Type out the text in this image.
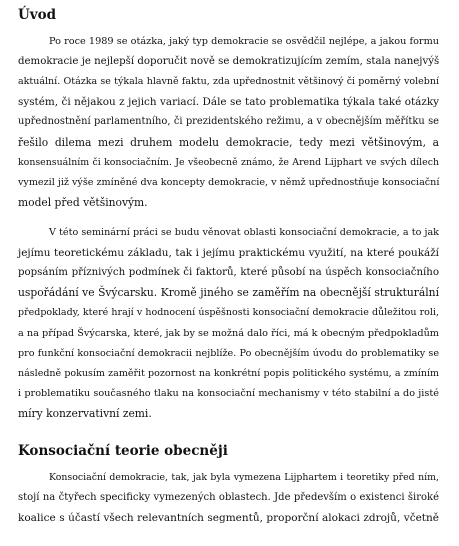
Úvod
Po roce 1989 se otázka, jaký typ demokracie se osvědčil nejlépe, a jakou formu
demokracie je nejlepší doporučit nově se demokratizujícím zemím, stala nanejvýš
aktuální. Otázka se týkala hlavně faktu, zda upřednostnit většinový či poměrný volební
systém, či nějakou z jejich variací. Dále se tato problematika týkala také otázky
upřednostnění parlamentního, či prezidentského režimu, a v obecnějším měřítku se
řešilo dilema mezi druhem modelu demokracie, tedy mezi většinovým, a
konsensuálním či konsociačním. Je všeobecně známo, že Arend Lijphart ve svých dílech
vymezil již výše zmíněné dva koncepty demokracie, v němž upřednostňuje konsociační
model před většinovým.
V této seminární práci se budu věnovat oblasti konsociační demokracie, a to jak
jejímu teoretickému základu, tak i jejímu praktickému využití, na které poukáží
popsáním příznivých podmínek či faktorů, které působí na úspěch konsociačního
uspořádání ve Švýcarsku. Kromě jiného se zaměřím na obecnější strukturální
předpoklady, které hrají v hodnocení úspěšnosti konsociační demokracie důležitou roli,
a na případ Švýcarska, které, jak by se možná dalo říci, má k obecným předpokladům
pro funkční konsociační demokracii nejblíže. Po obecnějším úvodu do problematiky se
následně pokusím zaměřit pozornost na konkrétní popis politického systému, a zmíním
i problematiku současného tlaku na konsociační mechanismy v této stabilní a do jisté
míry konzervativní zemi.
Konsociační teorie obecněji
Konsociační demokracie, tak, jak byla vymezena Lijphartem i teoretiky před ním,
stojí na čtyřech specificky vymezených oblastech. Jde především o existenci široké
koalice s účastí všech relevantních segmentů, proporční alokaci zdrojů, včetně
